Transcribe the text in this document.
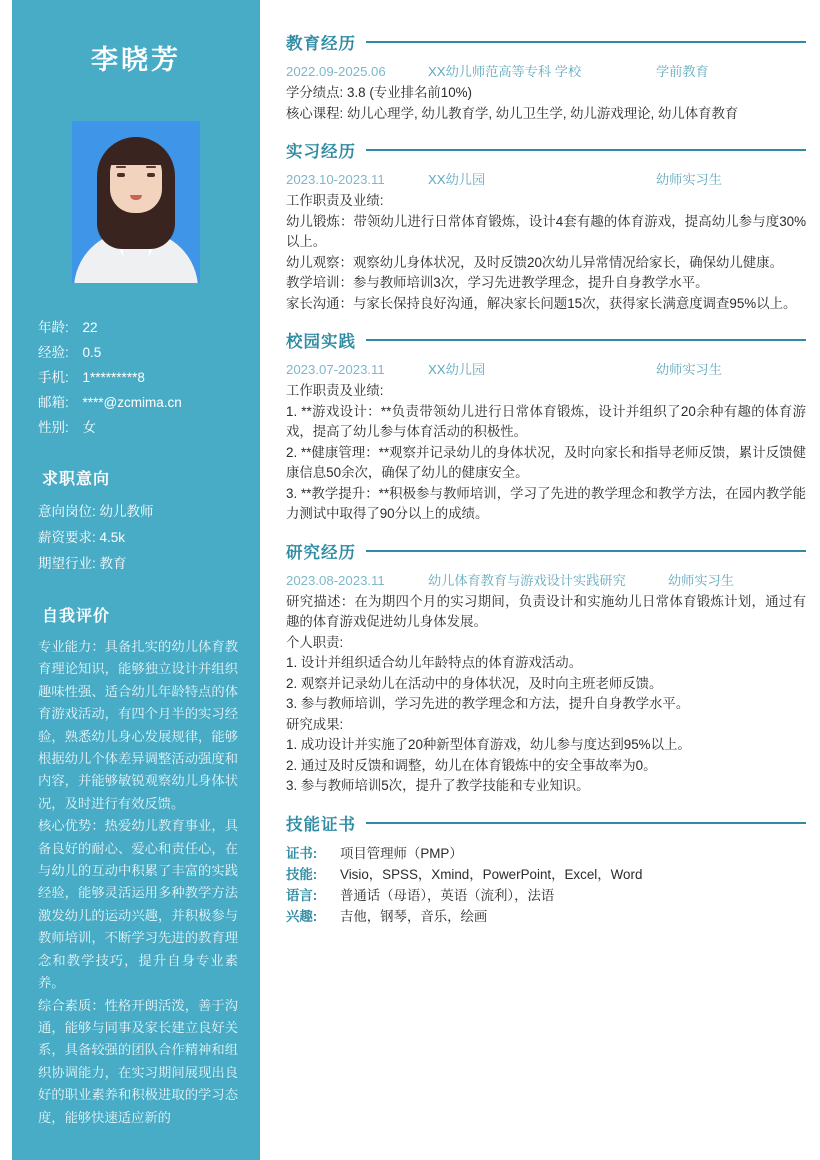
李晓芳
年龄: 22
经验: 0.5
手机: 1*********8
邮箱: ****@zcmima.cn
性别: 女
求职意向
意向岗位: 幼儿教师
薪资要求: 4.5k
期望行业: 教育
自我评价

专业能力：具备扎实的幼儿体育教育理论知识，能够独立设计并组织趣味性强、适合幼儿年龄特点的体育游戏活动，有四个月半的实习经验，熟悉幼儿身心发展规律，能够根据幼儿个体差异调整活动强度和内容，并能够敏锐观察幼儿身体状况，及时进行有效反馈。

核心优势：热爱幼儿教育事业，具备良好的耐心、爱心和责任心，在与幼儿的互动中积累了丰富的实践经验，能够灵活运用多种教学方法激发幼儿的运动兴趣，并积极参与教师培训，不断学习先进的教育理念和教学技巧，提升自身专业素养。

综合素质：性格开朗活泼，善于沟通，能够与同事及家长建立良好关系，具备较强的团队合作精神和组织协调能力，在实习期间展现出良好的职业素养和积极进取的学习态度，能够快速适应新的

教育经历
2022.09-2025.06	XX幼儿师范高等专科 学校	学前教育

学分绩点: 3.8 (专业排名前10%)

核心课程: 幼儿心理学, 幼儿教育学, 幼儿卫生学, 幼儿游戏理论, 幼儿体育教育

实习经历
2023.10-2023.11	XX幼儿园	幼师实习生

工作职责及业绩:

幼儿锻炼：带领幼儿进行日常体育锻炼，设计4套有趣的体育游戏，提高幼儿参与度30%以上。

幼儿观察：观察幼儿身体状况，及时反馈20次幼儿异常情况给家长，确保幼儿健康。

教学培训：参与教师培训3次，学习先进教学理念，提升自身教学水平。

家长沟通：与家长保持良好沟通，解决家长问题15次，获得家长满意度调查95%以上。

校园实践
2023.07-2023.11	XX幼儿园	幼师实习生

工作职责及业绩:

1. **游戏设计：**负责带领幼儿进行日常体育锻炼，设计并组织了20余种有趣的体育游戏，提高了幼儿参与体育活动的积极性。

2. **健康管理：**观察并记录幼儿的身体状况，及时向家长和指导老师反馈，累计反馈健康信息50余次，确保了幼儿的健康安全。

3. **教学提升：**积极参与教师培训，学习了先进的教学理念和教学方法，在园内教学能力测试中取得了90分以上的成绩。

研究经历
2023.08-2023.11	幼儿体育教育与游戏设计实践研究	幼师实习生

研究描述：在为期四个月的实习期间，负责设计和实施幼儿日常体育锻炼计划，通过有趣的体育游戏促进幼儿身体发展。

个人职责:

1. 设计并组织适合幼儿年龄特点的体育游戏活动。

2. 观察并记录幼儿在活动中的身体状况，及时向主班老师反馈。

3. 参与教师培训，学习先进的教学理念和方法，提升自身教学水平。

研究成果:

1. 成功设计并实施了20种新型体育游戏，幼儿参与度达到95%以上。

2. 通过及时反馈和调整，幼儿在体育锻炼中的安全事故率为0。

3. 参与教师培训5次，提升了教学技能和专业知识。

技能证书

证书: 项目管理师（PMP）

技能: Visio，SPSS，Xmind，PowerPoint，Excel，Word

语言: 普通话（母语），英语（流利），法语

兴趣: 吉他，钢琴，音乐，绘画
